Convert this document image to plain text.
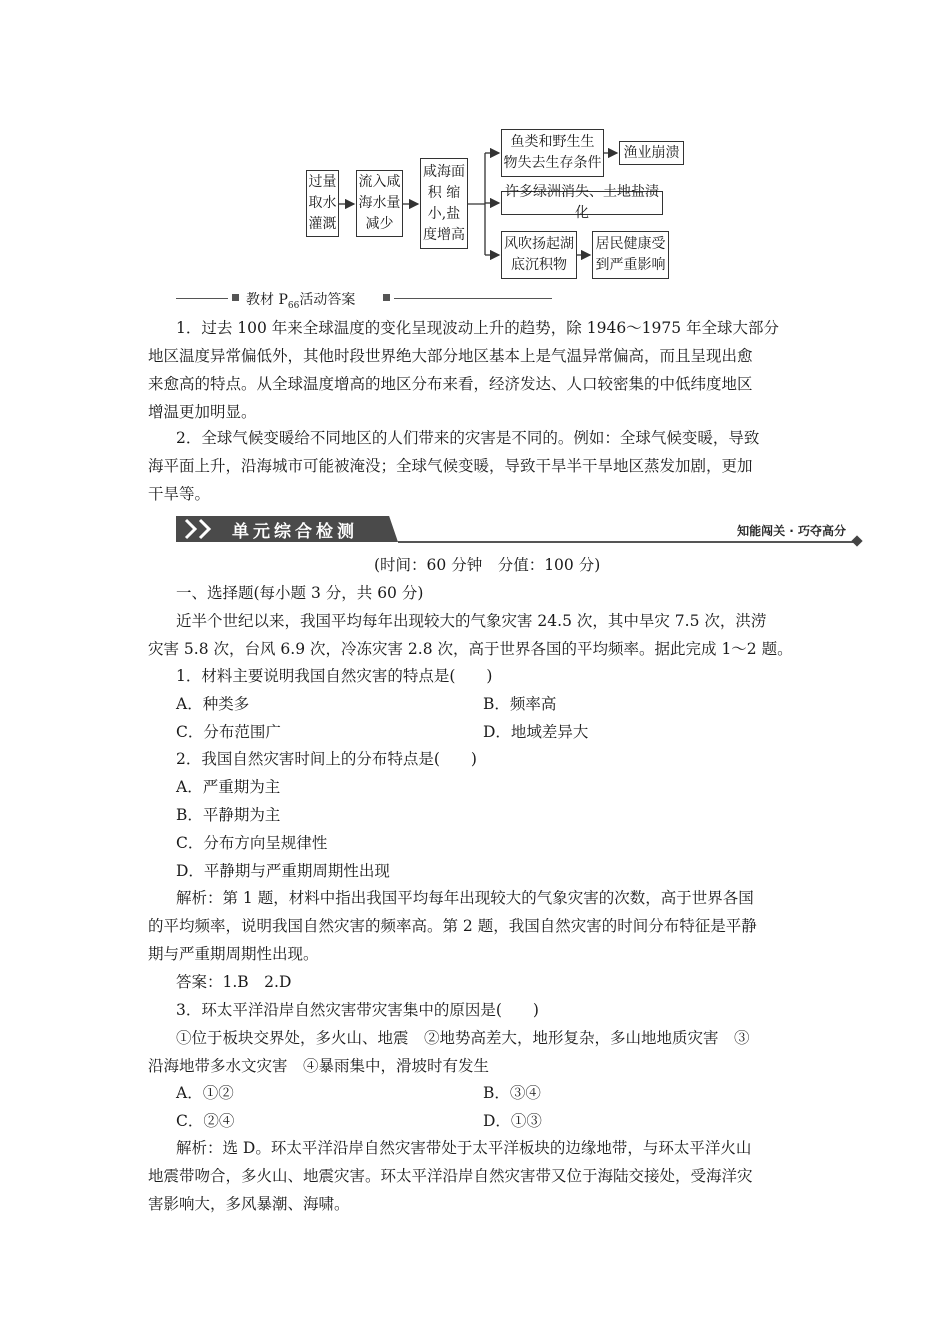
过量
取水
灌溉
流入咸
海水量
减少
咸海面
积 缩
小,盐
度增高
鱼类和野生生
物失去生存条件
渔业崩溃
许多绿洲消失、土地盐渍化
风吹扬起湖
底沉积物
居民健康受
到严重影响
教材 $P_{66}$活动答案
1．过去 100 年来全球温度的变化呈现波动上升的趋势，除 1946～1975 年全球大部分
地区温度异常偏低外，其他时段世界绝大部分地区基本上是气温异常偏高，而且呈现出愈
来愈高的特点。从全球温度增高的地区分布来看，经济发达、人口较密集的中低纬度地区
增温更加明显。
2．全球气候变暖给不同地区的人们带来的灾害是不同的。例如：全球气候变暖，导致
海平面上升，沿海城市可能被淹没；全球气候变暖，导致干旱半干旱地区蒸发加剧，更加
干旱等。
单元综合检测	知能闯关 · 巧夺高分
(时间：60 分钟　分值：100 分)
一、选择题(每小题 3 分，共 60 分)
近半个世纪以来，我国平均每年出现较大的气象灾害 24.5 次，其中旱灾 7.5 次，洪涝
灾害 5.8 次，台风 6.9 次，冷冻灾害 2.8 次，高于世界各国的平均频率。据此完成 1～2 题。
1．材料主要说明我国自然灾害的特点是(　　)
A．种类多	B．频率高
C．分布范围广	D．地域差异大
2．我国自然灾害时间上的分布特点是(　　)
A．严重期为主
B．平静期为主
C．分布方向呈规律性
D．平静期与严重期周期性出现
解析：第 1 题，材料中指出我国平均每年出现较大的气象灾害的次数，高于世界各国
的平均频率，说明我国自然灾害的频率高。第 2 题，我国自然灾害的时间分布特征是平静
期与严重期周期性出现。
答案：1.B　2.D
3．环太平洋沿岸自然灾害带灾害集中的原因是(　　)
①位于板块交界处，多火山、地震　②地势高差大，地形复杂，多山地地质灾害　③
沿海地带多水文灾害　④暴雨集中，滑坡时有发生
A．①②	B．③④
C．②④	D．①③
解析：选 D。环太平洋沿岸自然灾害带处于太平洋板块的边缘地带，与环太平洋火山
地震带吻合，多火山、地震灾害。环太平洋沿岸自然灾害带又位于海陆交接处，受海洋灾
害影响大，多风暴潮、海啸。
